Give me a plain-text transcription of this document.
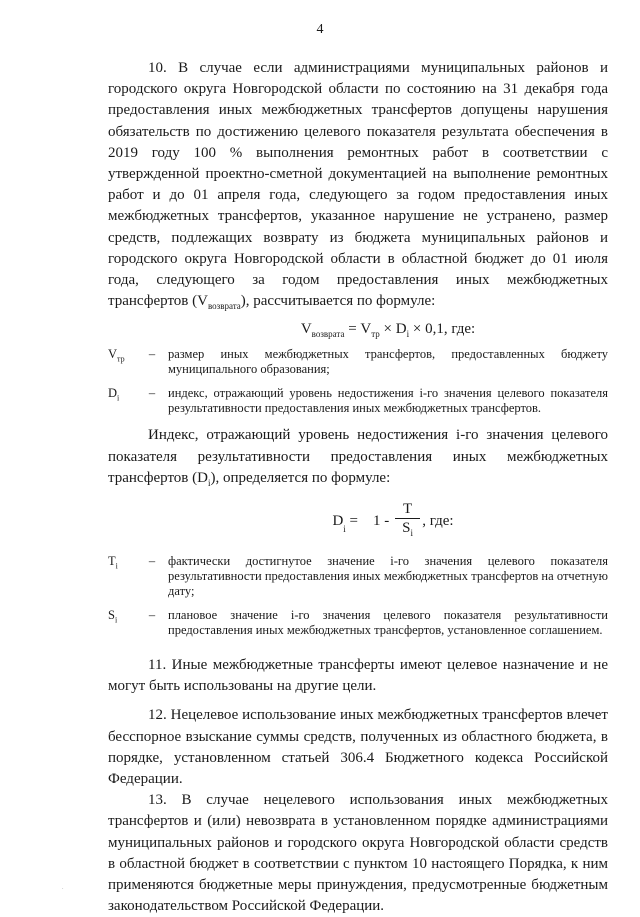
4

10. В случае если администрациями муниципальных районов и городского округа Новгородской области по состоянию на 31 декабря года предоставления иных межбюджетных трансфертов допущены нарушения обязательств по достижению целевого показателя результата обеспечения в 2019 году 100 % выполнения ремонтных работ в соответствии с утвержденной проектно-сметной документацией на выполнение ремонтных работ и до 01 апреля года, следующего за годом предоставления иных межбюджетных трансфертов, указанное нарушение не устранено, размер средств, подлежащих возврату из бюджета муниципальных районов и городского округа Новгородской области в областной бюджет до 01 июля года, следующего за годом предоставления иных межбюджетных трансфертов $(V_{возврата})$, рассчитывается по формуле:

$V_{возврата} = V_{тр} \times D_i \times 0,1$, где:
$V_{тр}$	–	размер иных межбюджетных трансфертов, предоставленных бюджету муниципального образования;
$D_i$	–	индекс, отражающий уровень недостижения i-го значения целевого показателя результативности предоставления иных межбюджетных трансфертов.

Индекс, отражающий уровень недостижения i-го значения целевого показателя результативности предоставления иных межбюджетных трансфертов $(D_i)$, определяется по формуле:

D
$_i$
=    $1 - \frac{T}{S_i}$ , где:
$T_i$	–	фактически достигнутое значение i-го значения целевого показателя результативности предоставления иных межбюджетных трансфертов на отчетную дату;
$S_i$	–	плановое значение i-го значения целевого показателя результативности предоставления иных межбюджетных трансфертов, установленное соглашением.

11. Иные межбюджетные трансферты имеют целевое назначение и не могут быть использованы на другие цели.

12. Нецелевое использование иных межбюджетных трансфертов влечет бесспорное взыскание суммы средств, полученных из областного бюджета, в порядке, установленном статьей 306.4 Бюджетного кодекса Российской Федерации.

13. В случае нецелевого использования иных межбюджетных трансфертов и (или) невозврата в установленном порядке администрациями муниципальных районов и городского округа Новгородской области средств в областной бюджет в соответствии с пунктом 10 настоящего Порядка, к ним применяются бюджетные меры принуждения, предусмотренные бюджетным законодательством Российской Федерации.

.
